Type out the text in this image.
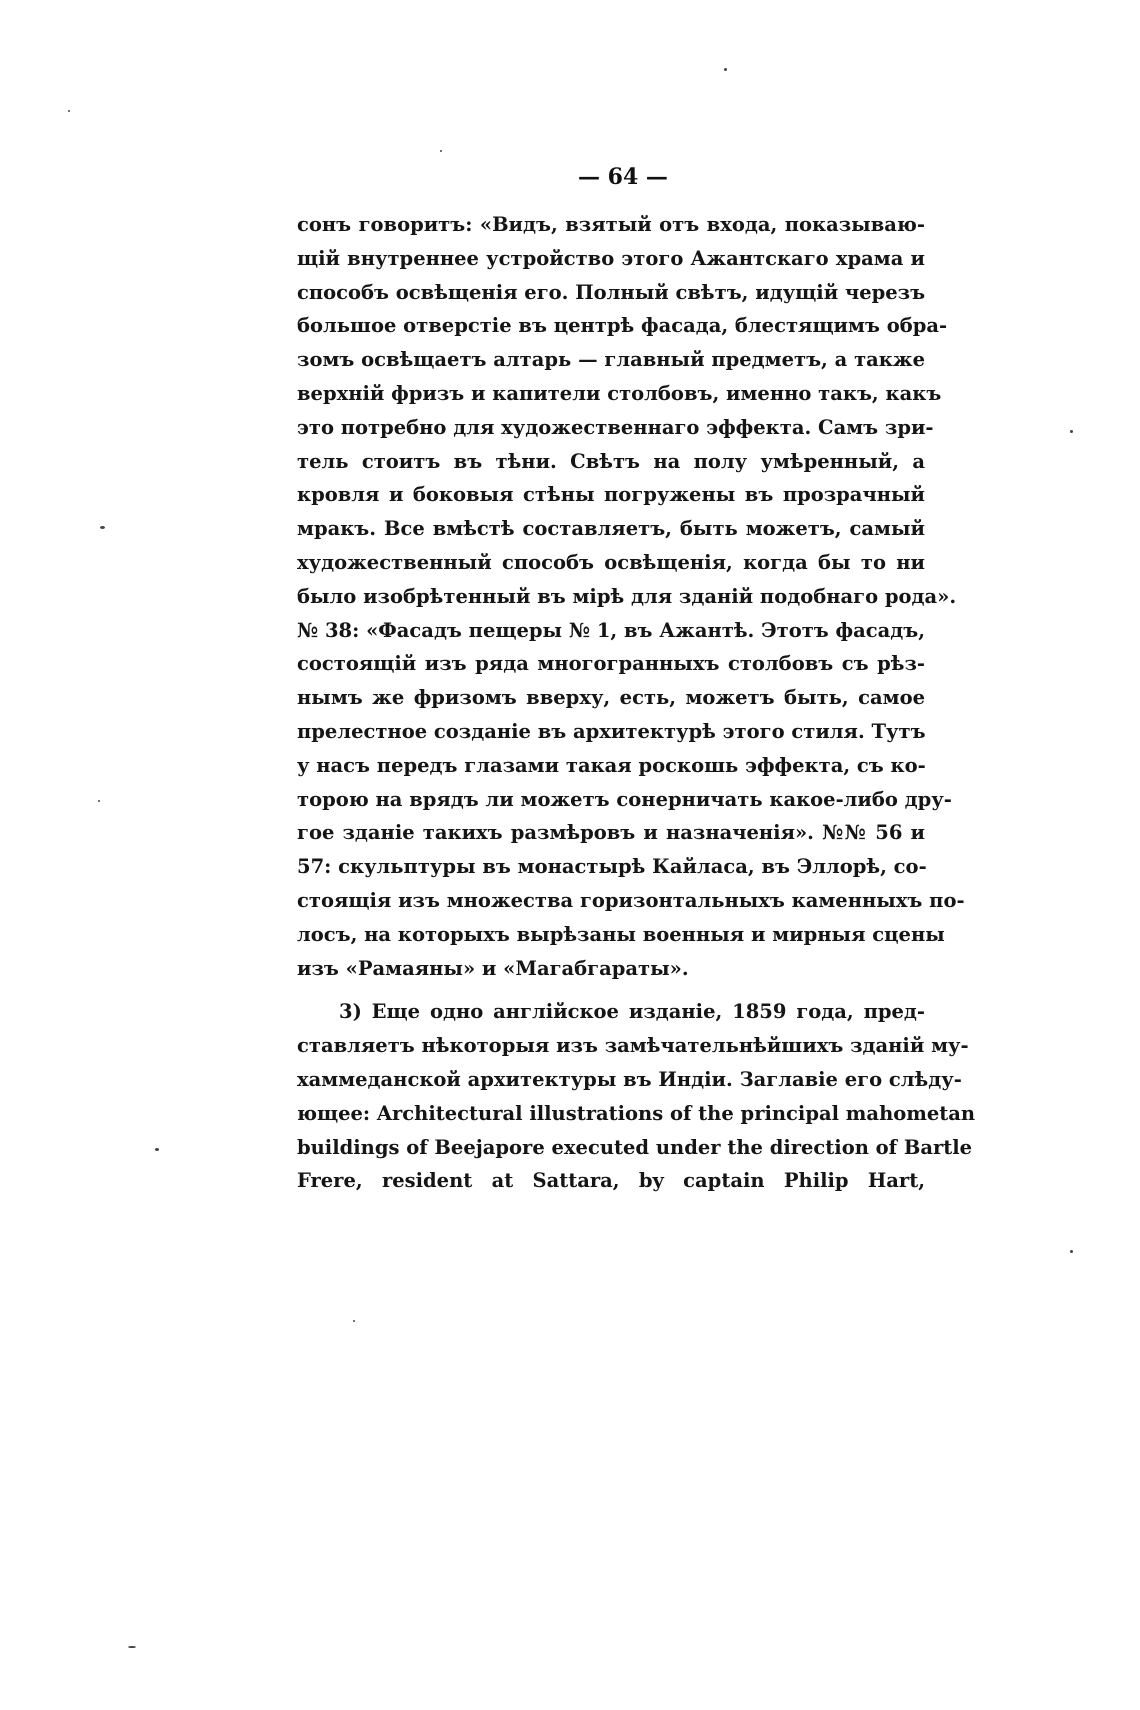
— 64 —
сонъ говоритъ: «Видъ, взятый отъ входа, показываю-
щій внутреннее устройство этого Ажантскаго храма и
способъ освѣщенія его. Полный свѣтъ, идущій черезъ
большое отверстіе въ центрѣ фасада, блестящимъ обра-
зомъ освѣщаетъ алтарь — главный предметъ, а также
верхній фризъ и капители столбовъ, именно такъ, какъ
это потребно для художественнаго эффекта. Самъ зри-
тель стоитъ въ тѣни. Свѣтъ на полу умѣренный, а
кровля и боковыя стѣны погружены въ прозрачный
мракъ. Все вмѣстѣ составляетъ, быть можетъ, самый
художественный способъ освѣщенія, когда бы то ни
было изобрѣтенный въ мірѣ для зданій подобнаго рода».
№ 38: «Фасадъ пещеры № 1, въ Ажантѣ. Этотъ фасадъ,
состоящій изъ ряда многогранныхъ столбовъ съ рѣз-
нымъ же фризомъ вверху, есть, можетъ быть, самое
прелестное созданіе въ архитектурѣ этого стиля. Тутъ
у насъ передъ глазами такая роскошь эффекта, съ ко-
торою на врядъ ли можетъ сонерничать какое-либо дру-
гое зданіе такихъ размѣровъ и назначенія». №№ 56 и
57: скульптуры въ монастырѣ Кайласа, въ Эллорѣ, со-
стоящія изъ множества горизонтальныхъ каменныхъ по-
лосъ, на которыхъ вырѣзаны военныя и мирныя сцены
изъ «Рамаяны» и «Магабгараты».
3) Еще одно англійское изданіе, 1859 года, пред-
ставляетъ нѣкоторыя изъ замѣчательнѣйшихъ зданій му-
хаммеданской архитектуры въ Индіи. Заглавіе его слѣду-
ющее: Architectural illustrations of the principal mahometan
buildings of Beejapore executed under the direction of Bartle
Frere, resident at Sattara, by captain Philip Hart,
